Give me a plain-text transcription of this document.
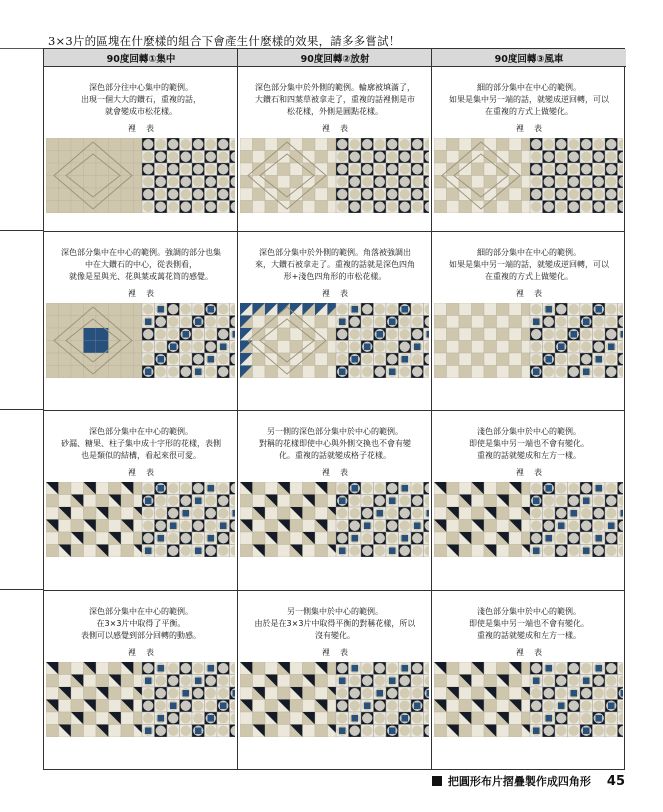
3×3片的區塊在什麼樣的組合下會產生什麼樣的效果，請多多嘗試！
90度回轉①集中	90度回轉②放射	90度回轉③風車
深色部分往中心集中的範例。
出現一個大大的鑽石，重複的話，
就會變成市松花樣。
裡 表
深色部分集中於外側的範例。輪廓被填滿了，
大鑽石和四葉草被拿走了，重複的話裡側是市
松花樣，外側是圓點花樣。
裡 表
細的部分集中在中心的範例。
如果是集中另一端的話，就變成逆回轉，可以
在重複的方式上做變化。
裡 表
深色部分集中在中心的範例。強調的部分也集
中在大鑽石的中心，從表側看，
就像是星與光、花與葉或萬花筒的感覺。
裡 表
深色部分集中於外側的範例。角落被強調出
來，大鑽石被拿走了。重複的話就是深色四角
形+淺色四角形的市松花樣。
裡 表
細的部分集中在中心的範例。
如果是集中另一端的話，就變成逆回轉，可以
在重複的方式上做變化。
裡 表
深色部分集中在中心的範例。
砂漏、糖果、柱子集中成十字形的花樣，表側
也是類似的結構，看起來很可愛。
裡 表
另一側的深色部分集中於中心的範例。
對稱的花樣即使中心與外側交換也不會有變
化。重複的話就變成格子花樣。
裡 表
淺色部分集中於中心的範例。
即使是集中另一端也不會有變化。
重複的話就變成和左方一樣。
裡 表
深色部分集中在中心的範例。
在3×3片中取得了平衡。
表側可以感覺到部分回轉的動感。
裡 表
另一側集中於中心的範例。
由於是在3×3片中取得平衡的對稱花樣，所以
沒有變化。
裡 表
淺色部分集中於中心的範例。
即使是集中另一端也不會有變化。
重複的話就變成和左方一樣。
裡 表
把圓形布片摺疊製作成四角形 45
